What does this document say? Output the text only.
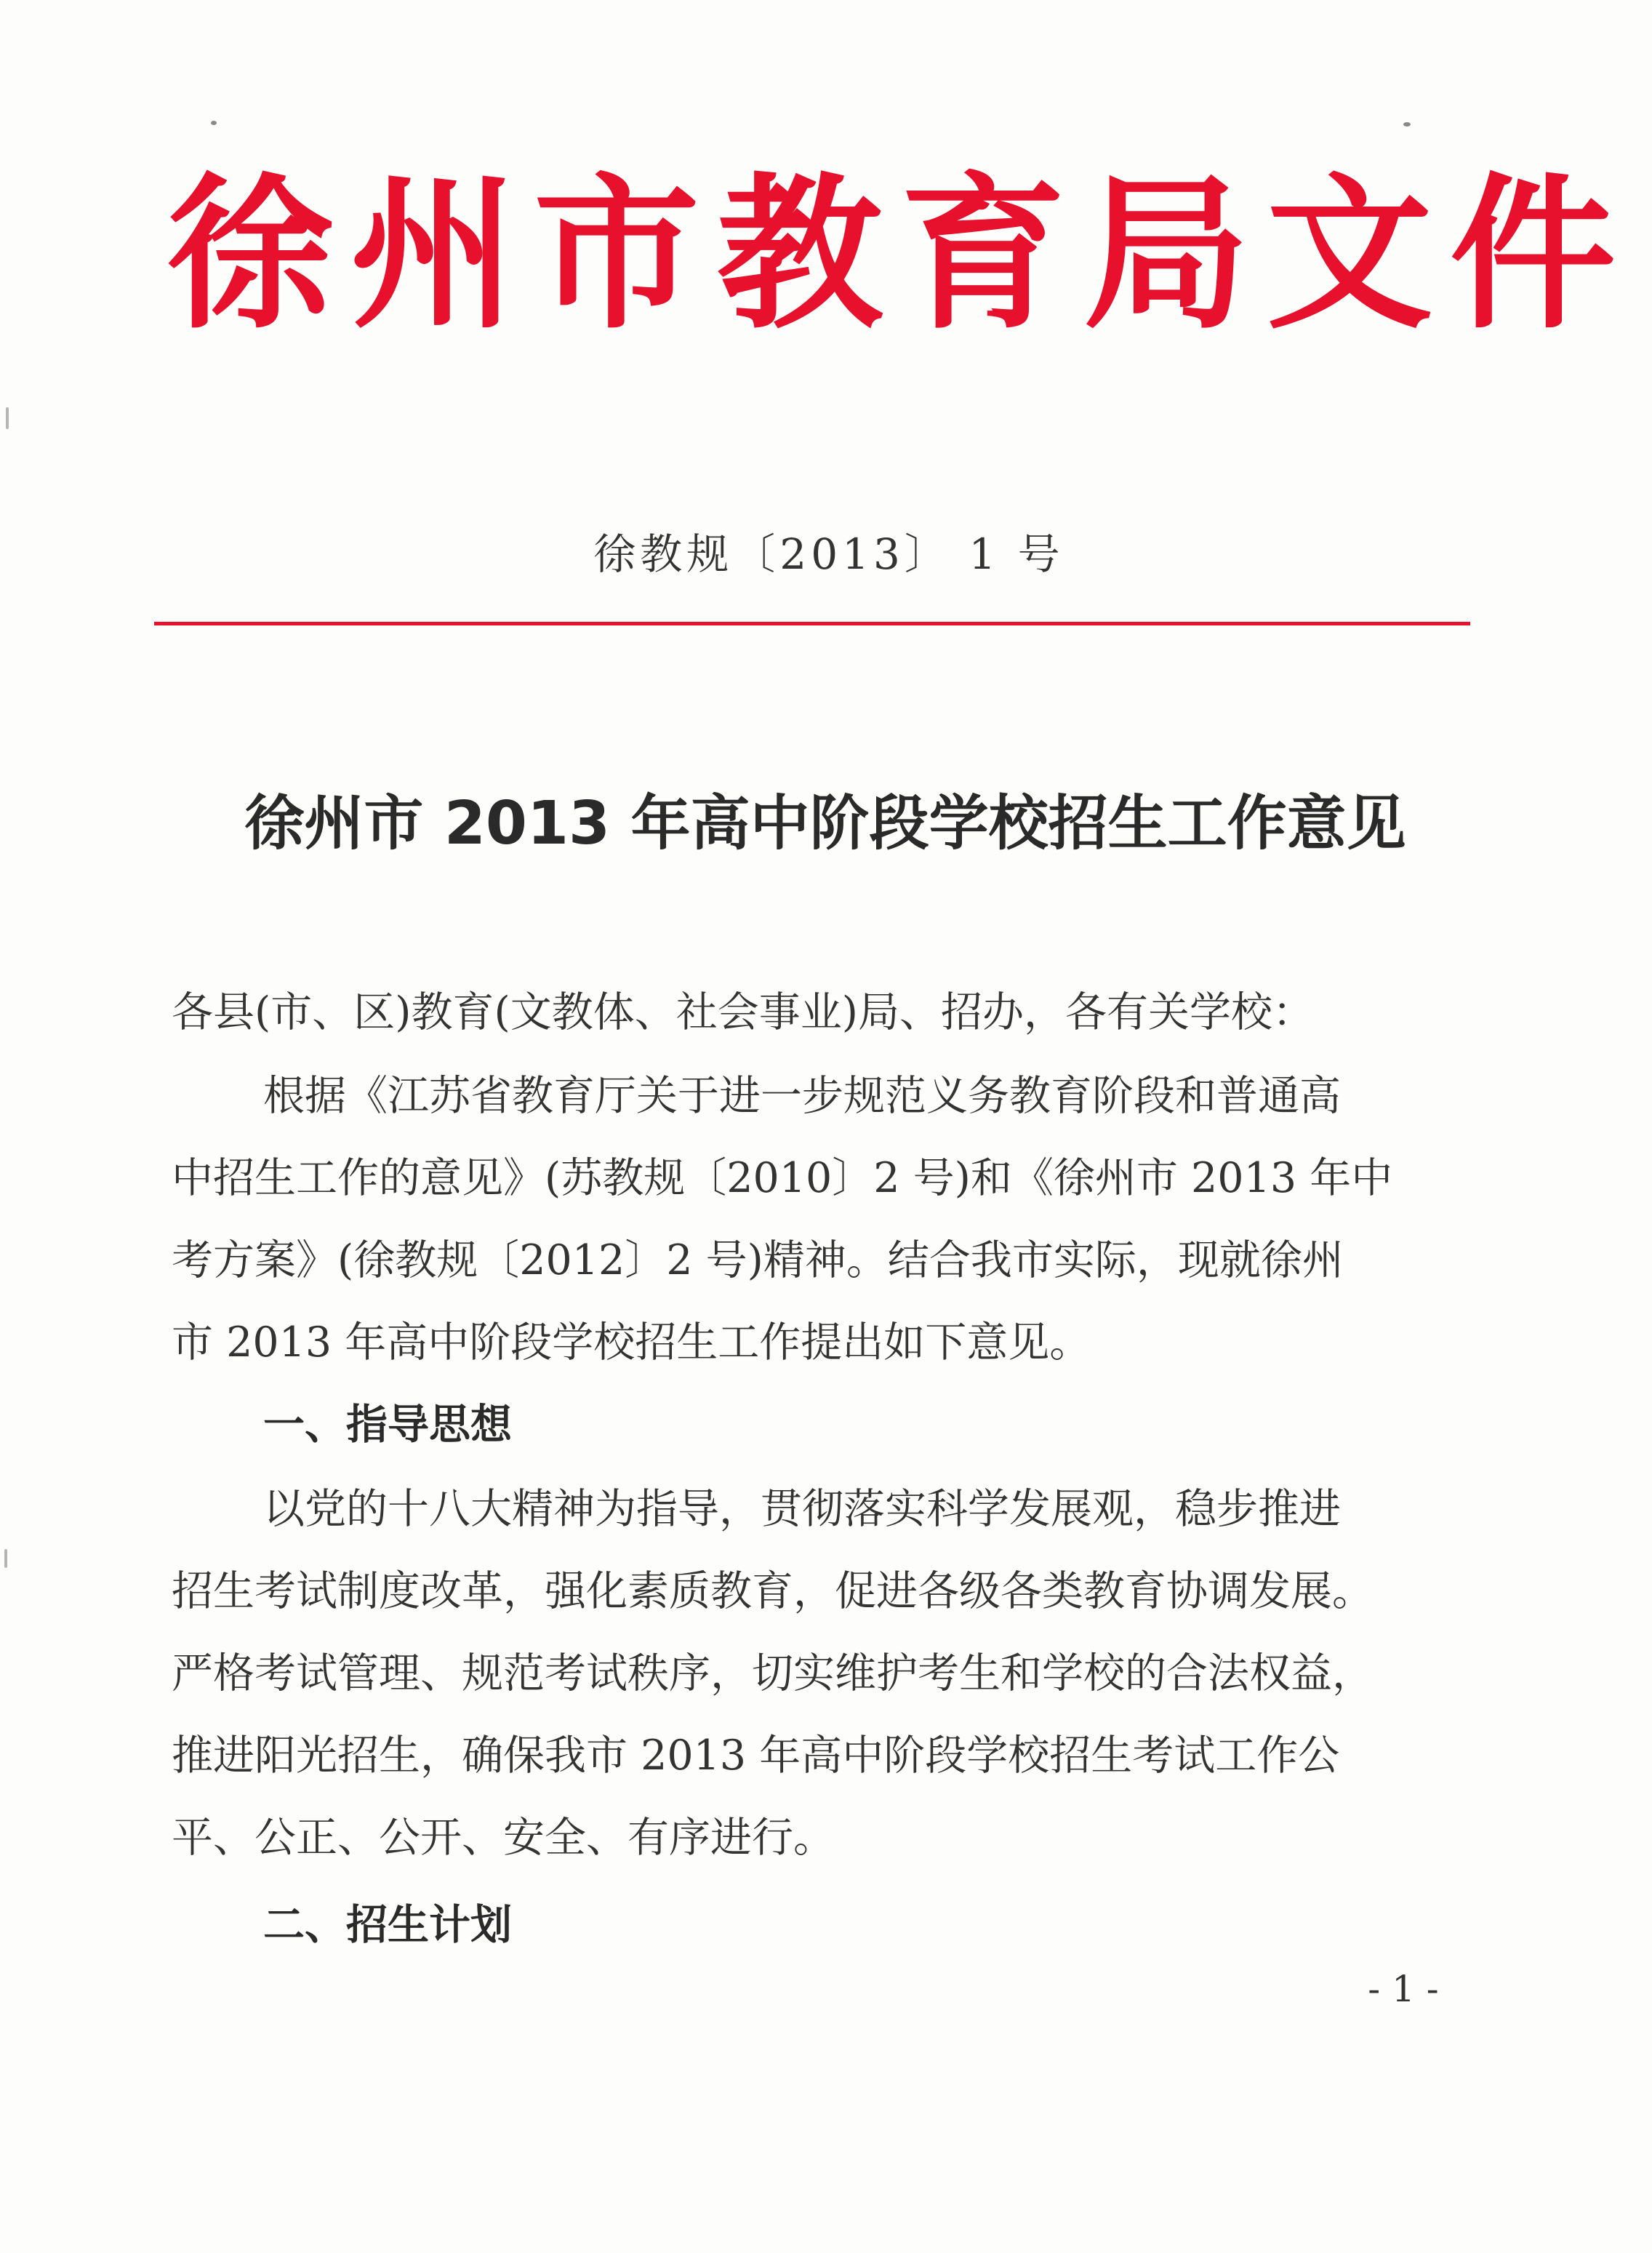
徐州市教育局文件
徐教规〔2013〕 1 号
徐州市 2013 年高中阶段学校招生工作意见
各县(市、区)教育(文教体、社会事业)局、招办，各有关学校：
根据《江苏省教育厅关于进一步规范义务教育阶段和普通高
中招生工作的意见》(苏教规〔2010〕2 号)和《徐州市 2013 年中
考方案》(徐教规〔2012〕2 号)精神。结合我市实际，现就徐州
市 2013 年高中阶段学校招生工作提出如下意见。
一、指导思想
以党的十八大精神为指导，贯彻落实科学发展观，稳步推进
招生考试制度改革，强化素质教育，促进各级各类教育协调发展。
严格考试管理、规范考试秩序，切实维护考生和学校的合法权益，
推进阳光招生，确保我市 2013 年高中阶段学校招生考试工作公
平、公正、公开、安全、有序进行。
二、招生计划
- 1 -
